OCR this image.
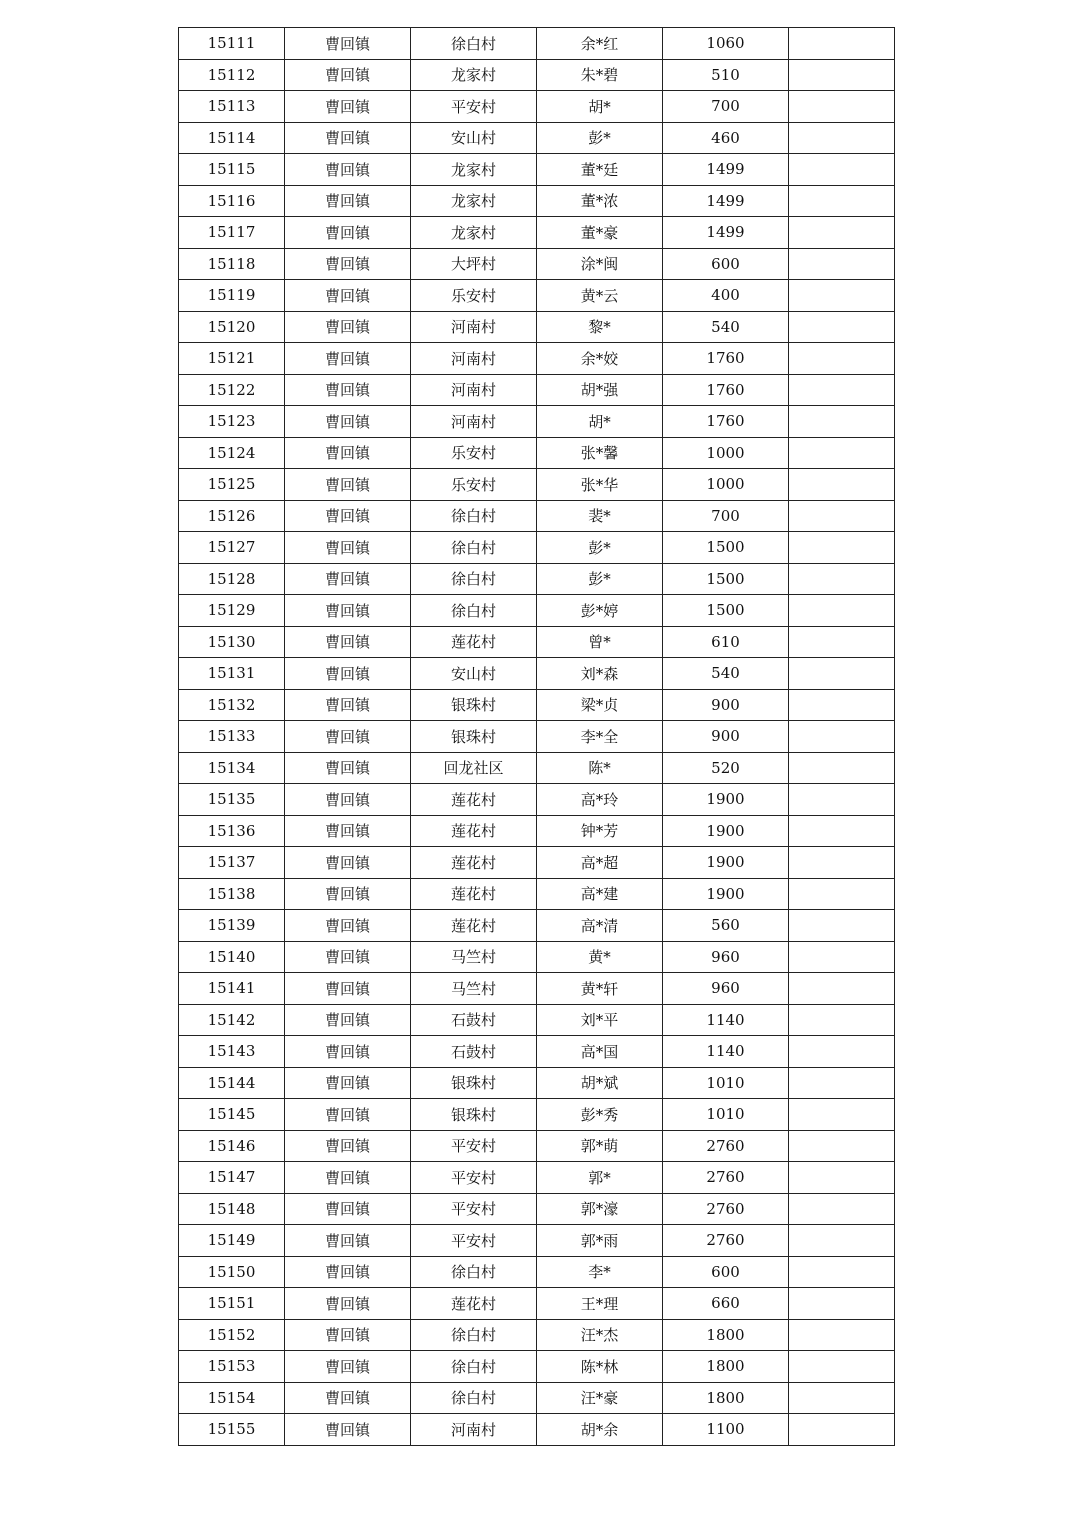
15111	曹回镇	徐白村	余*红	1060	
15112	曹回镇	龙家村	朱*碧	510	
15113	曹回镇	平安村	胡*	700	
15114	曹回镇	安山村	彭*	460	
15115	曹回镇	龙家村	董*廷	1499	
15116	曹回镇	龙家村	董*浓	1499	
15117	曹回镇	龙家村	董*豪	1499	
15118	曹回镇	大坪村	涂*闽	600	
15119	曹回镇	乐安村	黄*云	400	
15120	曹回镇	河南村	黎*	540	
15121	曹回镇	河南村	余*姣	1760	
15122	曹回镇	河南村	胡*强	1760	
15123	曹回镇	河南村	胡*	1760	
15124	曹回镇	乐安村	张*馨	1000	
15125	曹回镇	乐安村	张*华	1000	
15126	曹回镇	徐白村	裴*	700	
15127	曹回镇	徐白村	彭*	1500	
15128	曹回镇	徐白村	彭*	1500	
15129	曹回镇	徐白村	彭*婷	1500	
15130	曹回镇	莲花村	曾*	610	
15131	曹回镇	安山村	刘*森	540	
15132	曹回镇	银珠村	梁*贞	900	
15133	曹回镇	银珠村	李*全	900	
15134	曹回镇	回龙社区	陈*	520	
15135	曹回镇	莲花村	高*玲	1900	
15136	曹回镇	莲花村	钟*芳	1900	
15137	曹回镇	莲花村	高*超	1900	
15138	曹回镇	莲花村	高*建	1900	
15139	曹回镇	莲花村	高*清	560	
15140	曹回镇	马竺村	黄*	960	
15141	曹回镇	马竺村	黄*轩	960	
15142	曹回镇	石鼓村	刘*平	1140	
15143	曹回镇	石鼓村	高*国	1140	
15144	曹回镇	银珠村	胡*斌	1010	
15145	曹回镇	银珠村	彭*秀	1010	
15146	曹回镇	平安村	郭*萌	2760	
15147	曹回镇	平安村	郭*	2760	
15148	曹回镇	平安村	郭*濠	2760	
15149	曹回镇	平安村	郭*雨	2760	
15150	曹回镇	徐白村	李*	600	
15151	曹回镇	莲花村	王*理	660	
15152	曹回镇	徐白村	汪*杰	1800	
15153	曹回镇	徐白村	陈*林	1800	
15154	曹回镇	徐白村	汪*豪	1800	
15155	曹回镇	河南村	胡*余	1100	
